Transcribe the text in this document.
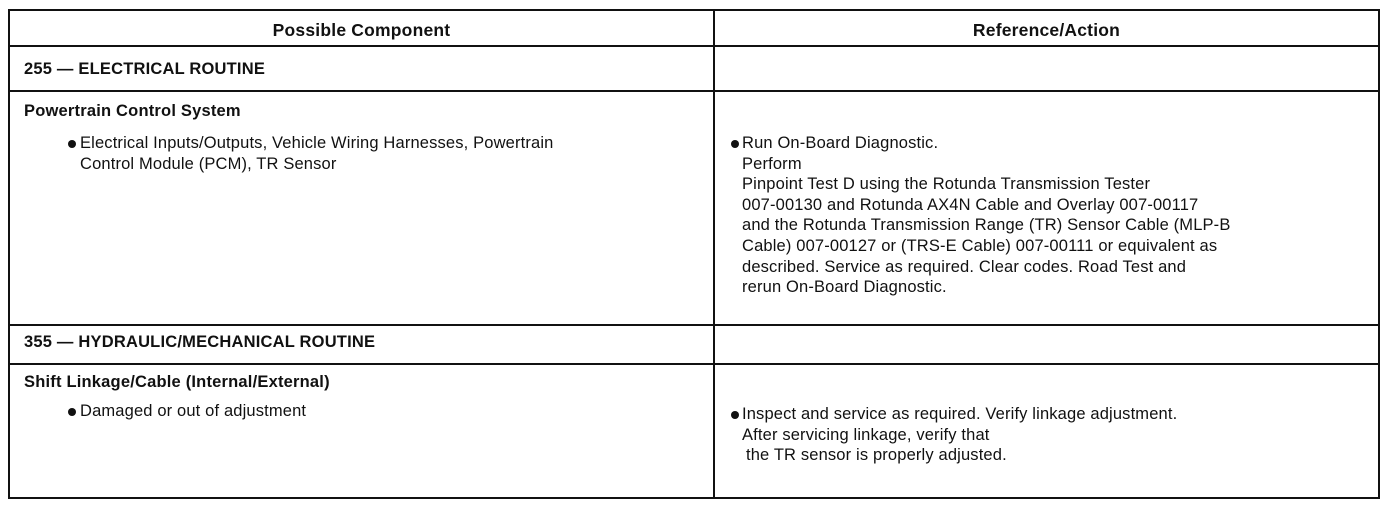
Possible Component	Reference/Action
255 — ELECTRICAL ROUTINE
Powertrain Control System
Electrical Inputs/Outputs, Vehicle Wiring Harnesses, Powertrain
Control Module (PCM), TR Sensor
Run On-Board Diagnostic.
Perform
Pinpoint Test D using the Rotunda Transmission Tester
007-00130 and Rotunda AX4N Cable and Overlay 007-00117
and the Rotunda Transmission Range (TR) Sensor Cable (MLP-B
Cable) 007-00127 or (TRS-E Cable) 007-00111 or equivalent as
described. Service as required. Clear codes. Road Test and
rerun On-Board Diagnostic.
355 — HYDRAULIC/MECHANICAL ROUTINE
Shift Linkage/Cable (Internal/External)
Damaged or out of adjustment	Inspect and service as required. Verify linkage adjustment.
After servicing linkage, verify that
the TR sensor is properly adjusted.
